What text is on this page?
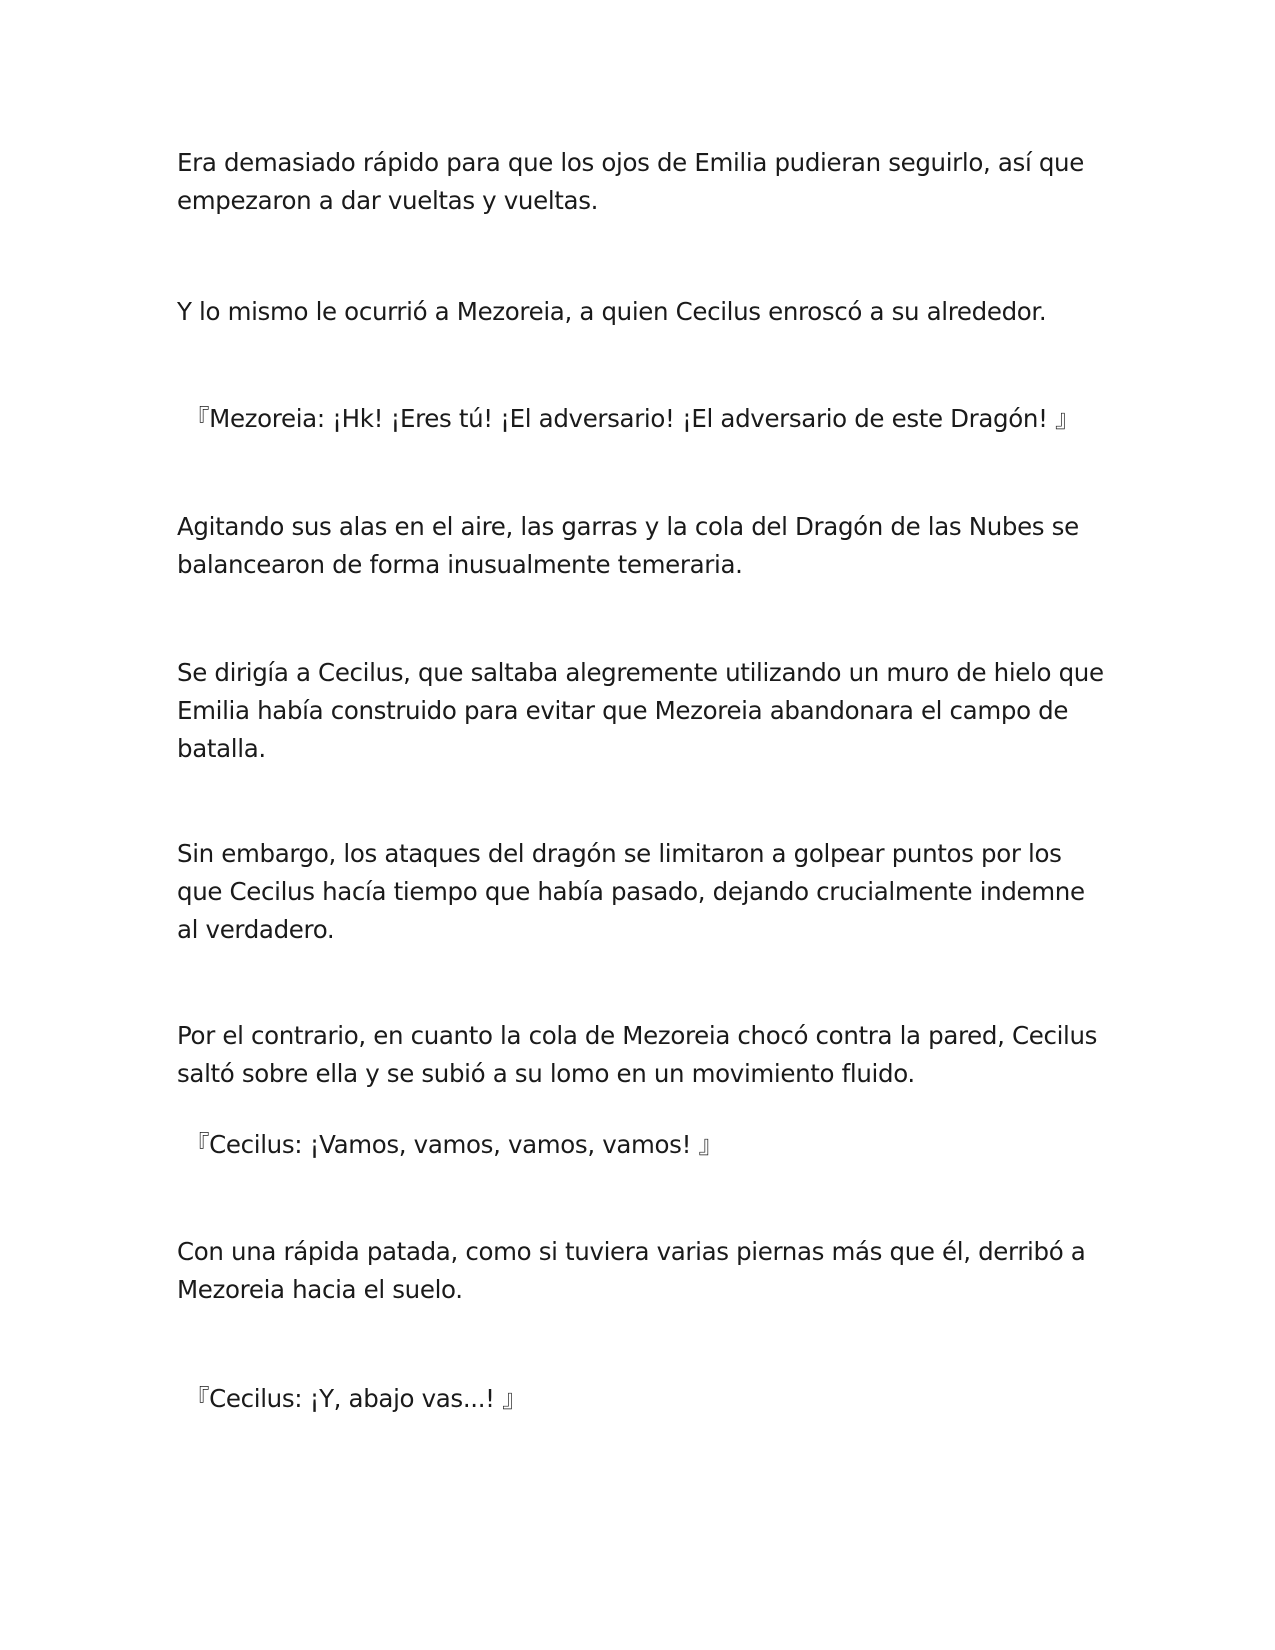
Era demasiado rápido para que los ojos de Emilia pudieran seguirlo, así que empezaron a dar vueltas y vueltas.

Y lo mismo le ocurrió a Mezoreia, a quien Cecilus enroscó a su alrededor.

『Mezoreia: ¡Hk! ¡Eres tú! ¡El adversario! ¡El adversario de este Dragón! 』

Agitando sus alas en el aire, las garras y la cola del Dragón de las Nubes se balancearon de forma inusualmente temeraria.

Se dirigía a Cecilus, que saltaba alegremente utilizando un muro de hielo que Emilia había construido para evitar que Mezoreia abandonara el campo de batalla.

Sin embargo, los ataques del dragón se limitaron a golpear puntos por los que Cecilus hacía tiempo que había pasado, dejando crucialmente indemne al verdadero.

Por el contrario, en cuanto la cola de Mezoreia chocó contra la pared, Cecilus saltó sobre ella y se subió a su lomo en un movimiento fluido.

『Cecilus: ¡Vamos, vamos, vamos, vamos! 』

Con una rápida patada, como si tuviera varias piernas más que él, derribó a Mezoreia hacia el suelo.

『Cecilus: ¡Y, abajo vas...! 』
